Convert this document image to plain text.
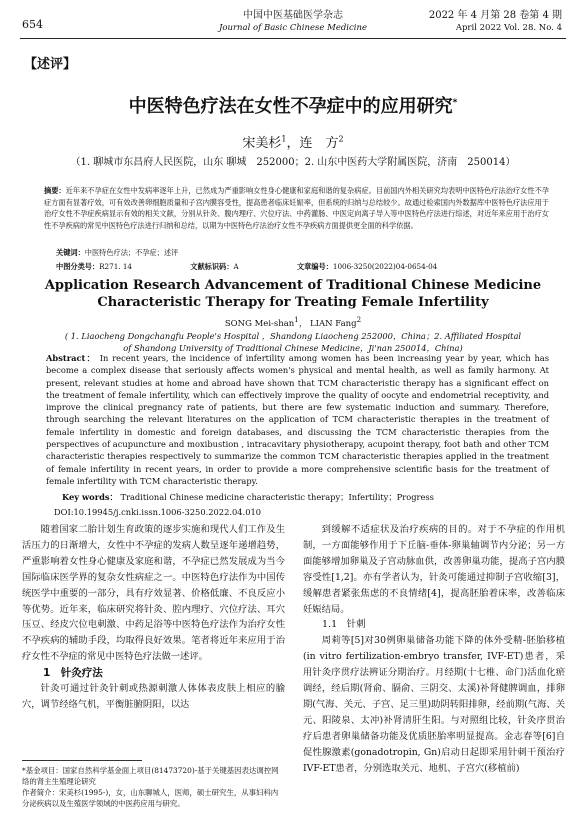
654
中国中医基础医学杂志
Journal of Basic Chinese Medicine
2022 年 4 月第 28 卷第 4 期
April 2022 Vol. 28. No. 4
【述评】
中医特色疗法在女性不孕症中的应用研究*
宋美杉$^1$，连　方$^2$
（1. 聊城市东昌府人民医院，山东 聊城　252000；2. 山东中医药大学附属医院，济南　250014）
摘要：近年来不孕症在女性中发病率逐年上升，已然成为严重影响女性身心健康和家庭和谐的复杂病症。目前国内外相关研究均表明中医特色疗法治疗女性不孕症方面有显著疗效，可有效改善卵细胞质量和子宫内膜容受性，提高患者临床妊娠率，但系统的归纳与总结较少。故通过检索国内外数据库中医特色疗法应用于治疗女性不孕症疾病显示有效的相关文献，分别从针灸、腹内理疗、穴位疗法、中药灌肠、中医定向离子导入等中医特色疗法进行综述，对近年来应用于治疗女性不孕疾病的常见中医特色疗法进行归纳和总结，以期为中医特色疗法治疗女性不孕疾病方面提供更全面的科学依据。
关键词：中医特色疗法；不孕症；述评
中图分类号：R271. 14	文献标识码：A	文章编号：1006-3250(2022)04-0654-04
Application Research Advancement of Traditional Chinese Medicine Characteristic Therapy for Treating Female Infertility
SONG Mei-shan$^1$， LIAN Fang$^2$
( 1. Liaocheng Dongchangfu People's Hospital ，Shandong Liaocheng 252000，China；2. Affiliated Hospital of Shandong University of Traditional Chinese Medicine，Ji'nan 250014，China)
Abstract： In recent years, the incidence of infertility among women has been increasing year by year, which has become a complex disease that seriously affects women's physical and mental health, as well as family harmony. At present, relevant studies at home and abroad have shown that TCM characteristic therapy has a significant effect on the treatment of female infertility, which can effectively improve the quality of oocyte and endometrial receptivity, and improve the clinical pregnancy rate of patients, but there are few systematic induction and summary. Therefore, through searching the relevant literatures on the application of TCM characteristic therapies in the treatment of female infertility in domestic and foreign databases, and discussing the TCM characteristic therapies from the perspectives of acupuncture and moxibustion , intracavitary physiotherapy, acupoint therapy, foot bath and other TCM characteristic therapies respectively to summarize the common TCM characteristic therapies applied in the treatment of female infertility in recent years, in order to provide a more comprehensive scientific basis for the treatment of female infertility with TCM characteristic therapy.
Key words： Traditional Chinese medicine characteristic therapy；Infertility；Progress
DOI:10.19945/j.cnki.issn.1006-3250.2022.04.010

随着国家二胎计划生育政策的逐步实施和现代人们工作及生活压力的日渐增大，女性中不孕症的发病人数呈逐年递增趋势，严重影响着女性身心健康及家庭和谐，不孕症已然发展成为当今国际临床医学界的复杂女性病症之一。中医特色疗法作为中国传统医学中重要的一部分，具有疗效显著、价格低廉、不良反应小等优势。近年来，临床研究将针灸、腔内理疗、穴位疗法、耳穴压豆、经皮穴位电刺激、中药足浴等中医特色疗法作为治疗女性不孕疾病的辅助手段，均取得良好效果。笔者将近年来应用于治疗女性不孕症的常见中医特色疗法做一述评。

1　针灸疗法

针灸可通过针灸针刺或热源刺激人体体表皮肤上相应的腧穴，调节经络气机，平衡脏腑阴阳，以达

到缓解不适症状及治疗疾病的目的。对于不孕症的作用机制，一方面能够作用于下丘脑-垂体-卵巢轴调节内分泌；另一方面能够增加卵巢及子宫动脉血供，改善卵巢功能，提高子宫内膜容受性[1,2]。亦有学者认为，针灸可能通过抑制子宫收缩[3]，缓解患者紧张焦虑的不良情绪[4]，提高胚胎着床率，改善临床妊娠结局。

1.1　针刺

周莉等[5]对30例卵巢储备功能下降的体外受精-胚胎移植(in vitro fertilization-embryo transfer, IVF-ET)患者，采用针灸序贯疗法辨证分期治疗。月经期(十七椎、命门)活血化瘀调经，经后期(肾俞、膈俞、三阴交、太溪)补肾健脾调血，排卵期(气海、关元、子宫、足三里)助阴转阳排卵，经前期(气海、关元、阳陵泉、太冲)补肾清肝生阳。与对照组比较，针灸序贯治疗后患者卵巢储备功能及优质胚胎率明显提高。金志春等[6]自促性腺激素(gonadotropin, Gn)启动日起即采用针刺干预治疗IVF-ET患者，分别选取关元、地机、子宫穴(移植前)

*基金项目：国家自然科学基金面上项目(81473720)-基于关键基因表达调控网络的肾主生殖理论研究

作者简介：宋美杉(1995-)，女，山东聊城人，医师，硕士研究生，从事妇科内分泌疾病以及生殖医学领域的中医药应用与研究。
